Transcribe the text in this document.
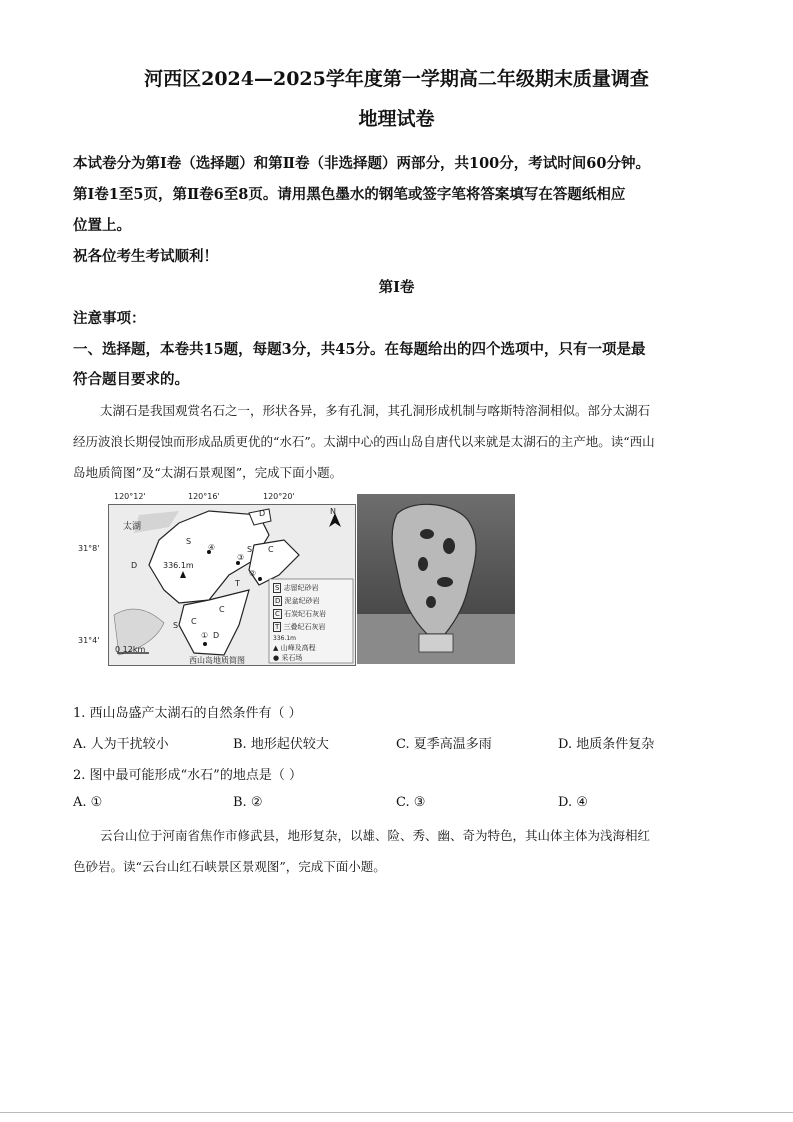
河西区2024—2025学年度第一学期高二年级期末质量调查
地理试卷
本试卷分为第Ⅰ卷（选择题）和第Ⅱ卷（非选择题）两部分，共100分，考试时间60分钟。
第Ⅰ卷1至5页，第Ⅱ卷6至8页。请用黑色墨水的钢笔或签字笔将答案填写在答题纸相应
位置上。
祝各位考生考试顺利！
第Ⅰ卷
注意事项：
一、选择题，本卷共15题，每题3分，共45分。在每题给出的四个选项中，只有一项是最
符合题目要求的。
太湖石是我国观赏名石之一，形状各异，多有孔洞，其孔洞形成机制与喀斯特溶洞相似。部分太湖石
经历波浪长期侵蚀而形成品质更优的“水石”。太湖中心的西山岛自唐代以来就是太湖石的主产地。读“西山
岛地质简图”及“太湖石景观图”，完成下面小题。
120°12'	120°16'	120°20'
31°8'
31°4'
太湖
336.1m
N
0 12km
西山岛地质简图
S
D
C
T
S
C
D
C
S
D
④
③
②
①
S 志留纪砂岩
D 泥盆纪砂岩
C 石炭纪石灰岩
T 三叠纪石灰岩
336.1m
▲ 山峰及高程
● 采石场
1. 西山岛盛产太湖石的自然条件有（ ）
A. 人为干扰较小	B. 地形起伏较大	C. 夏季高温多雨	D. 地质条件复杂
2. 图中最可能形成“水石”的地点是（ ）
A. ①	B. ②	C. ③	D. ④
云台山位于河南省焦作市修武县，地形复杂，以雄、险、秀、幽、奇为特色，其山体主体为浅海相红
色砂岩。读“云台山红石峡景区景观图”，完成下面小题。
